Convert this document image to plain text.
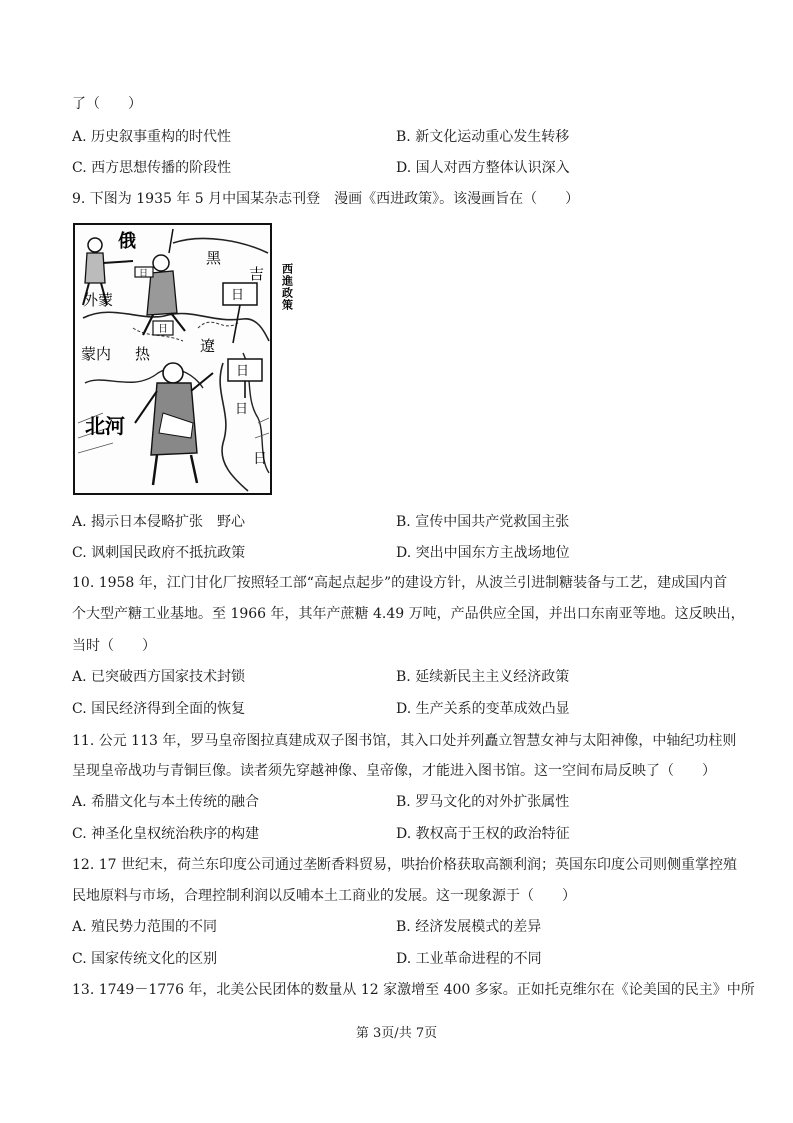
了（　　）
A. 历史叙事重构的时代性	B. 新文化运动重心发生转移
C. 西方思想传播的阶段性	D. 国人对西方整体认识深入
9. 下图为 1935 年 5 月中国某杂志刊登　漫画《西进政策》。该漫画旨在（　　）
俄
外蒙
蒙内 热
黑
吉
遼
北河
日
日
日
日
日
日
西進政策
A. 揭示日本侵略扩张　野心	B. 宣传中国共产党救国主张
C. 讽刺国民政府不抵抗政策	D. 突出中国东方主战场地位
10. 1958 年，江门甘化厂按照轻工部“高起点起步”的建设方针，从波兰引进制糖装备与工艺，建成国内首
个大型产糖工业基地。至 1966 年，其年产蔗糖 4.49 万吨，产品供应全国，并出口东南亚等地。这反映出，
当时（　　）
A. 已突破西方国家技术封锁	B. 延续新民主主义经济政策
C. 国民经济得到全面的恢复	D. 生产关系的变革成效凸显
11. 公元 113 年，罗马皇帝图拉真建成双子图书馆，其入口处并列矗立智慧女神与太阳神像，中轴纪功柱则
呈现皇帝战功与青铜巨像。读者须先穿越神像、皇帝像，才能进入图书馆。这一空间布局反映了（　　）
A. 希腊文化与本土传统的融合	B. 罗马文化的对外扩张属性
C. 神圣化皇权统治秩序的构建	D. 教权高于王权的政治特征
12. 17 世纪末，荷兰东印度公司通过垄断香料贸易，哄抬价格获取高额利润；英国东印度公司则侧重掌控殖
民地原料与市场，合理控制利润以反哺本土工商业的发展。这一现象源于（　　）
A. 殖民势力范围的不同	B. 经济发展模式的差异
C. 国家传统文化的区别	D. 工业革命进程的不同
13. 1749－1776 年，北美公民团体的数量从 12 家激增至 400 多家。正如托克维尔在《论美国的民主》中所
第 3页/共 7页
